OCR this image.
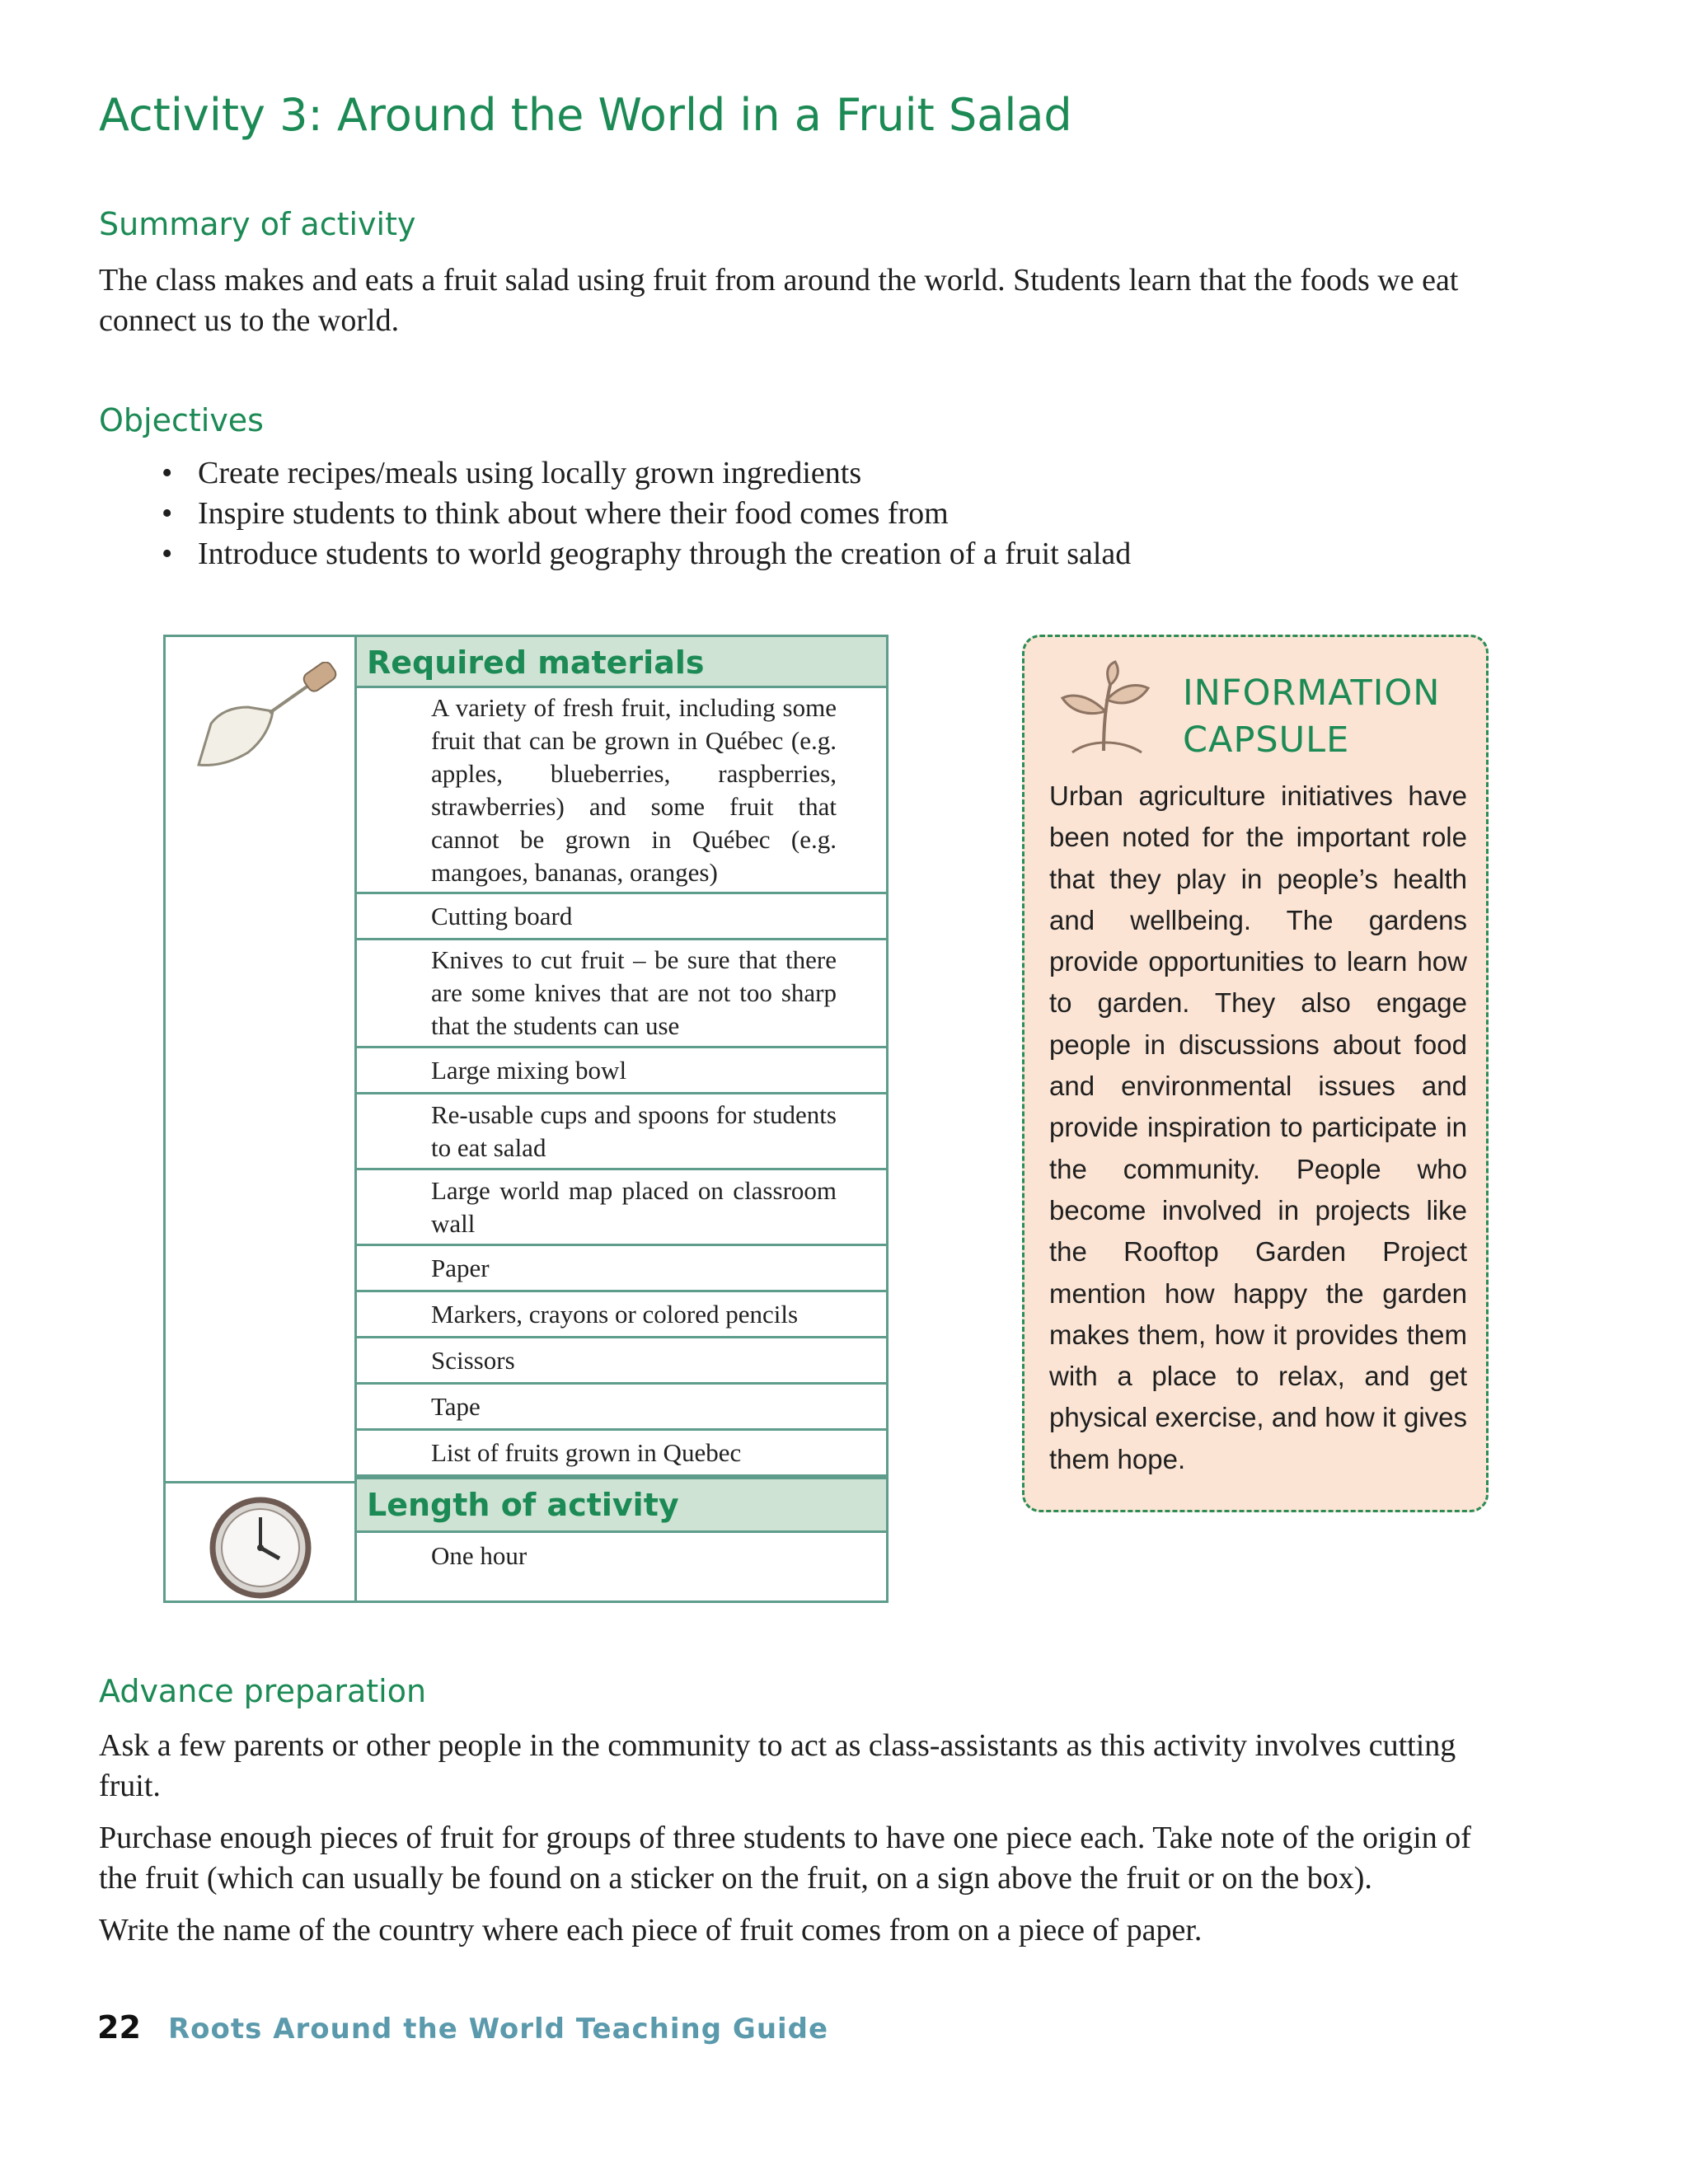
Activity 3: Around the World in a Fruit Salad
Summary of activity

The class makes and eats a fruit salad using fruit from around the world. Students learn that the foods we eat connect us to the world.

Objectives
• Create recipes/meals using locally grown ingredients
• Inspire students to think about where their food comes from
• Introduce students to world geography through the creation of a fruit salad
Required materials
A variety of fresh fruit, including some fruit that can be grown in Québec (e.g. apples, blueberries, raspberries, strawberries) and some fruit that cannot be grown in Québec (e.g. mangoes, bananas, oranges)
Cutting board
Knives to cut fruit – be sure that there are some knives that are not too sharp that the students can use
Large mixing bowl
Re-usable cups and spoons for students to eat salad
Large world map placed on classroom wall
Paper
Markers, crayons or colored pencils
Scissors
Tape
List of fruits grown in Quebec
Length of activity
One hour
INFORMATION CAPSULE

Urban agriculture initiatives have been noted for the important role that they play in people’s health and wellbeing. The gardens provide opportunities to learn how to garden. They also engage people in discussions about food and environmental issues and provide inspiration to participate in the community. People who become involved in projects like the Rooftop Garden Project mention how happy the garden makes them, how it provides them with a place to relax, and get physical exercise, and how it gives them hope.

Advance preparation

Ask a few parents or other people in the community to act as class-assistants as this activity involves cutting fruit.

Purchase enough pieces of fruit for groups of three students to have one piece each. Take note of the origin of the fruit (which can usually be found on a sticker on the fruit, on a sign above the fruit or on the box).

Write the name of the country where each piece of fruit comes from on a piece of paper.

22 Roots Around the World Teaching Guide
